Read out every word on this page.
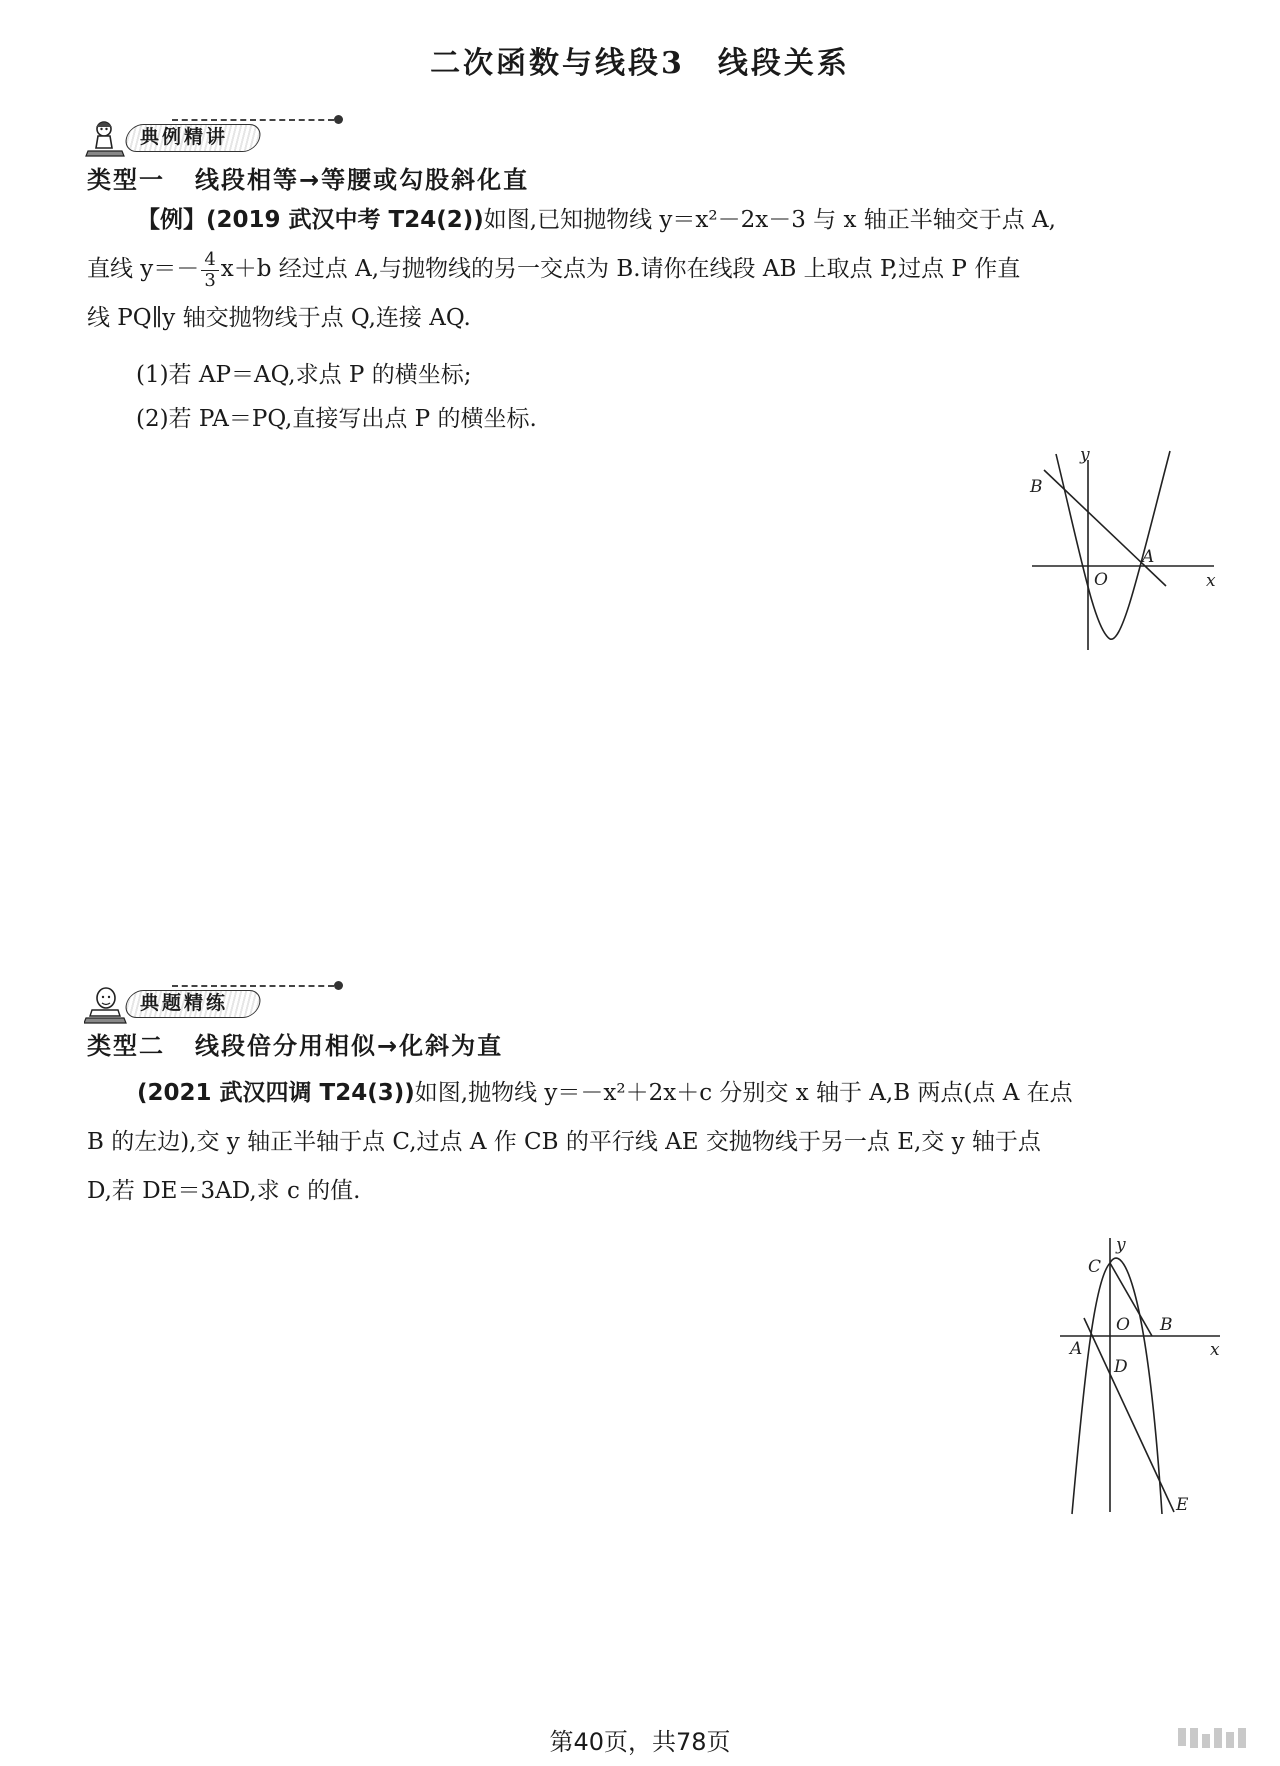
二次函数与线段3　线段关系
典例精讲
类型一 线段相等→等腰或勾股斜化直
【例】(2019 武汉中考 T24(2))如图,已知抛物线 y＝x²－2x－3 与 x 轴正半轴交于点 A,
直线 $y=- \frac{4}{3} x+b$ 经过点 A,与抛物线的另一交点为 B.请你在线段 AB 上取点 P,过点 P 作直
线 PQ∥y 轴交抛物线于点 Q,连接 AQ.
(1)若 AP＝AQ,求点 P 的横坐标;
(2)若 PA＝PQ,直接写出点 P 的横坐标.
y
x
O
A
B
典题精练
类型二 线段倍分用相似→化斜为直
(2021 武汉四调 T24(3))如图,抛物线 y＝－x²＋2x＋c 分别交 x 轴于 A,B 两点(点 A 在点
B 的左边),交 y 轴正半轴于点 C,过点 A 作 CB 的平行线 AE 交抛物线于另一点 E,交 y 轴于点
D,若 DE＝3AD,求 c 的值.
y
x
O
A
B
C
D
E
第40页，共78页
